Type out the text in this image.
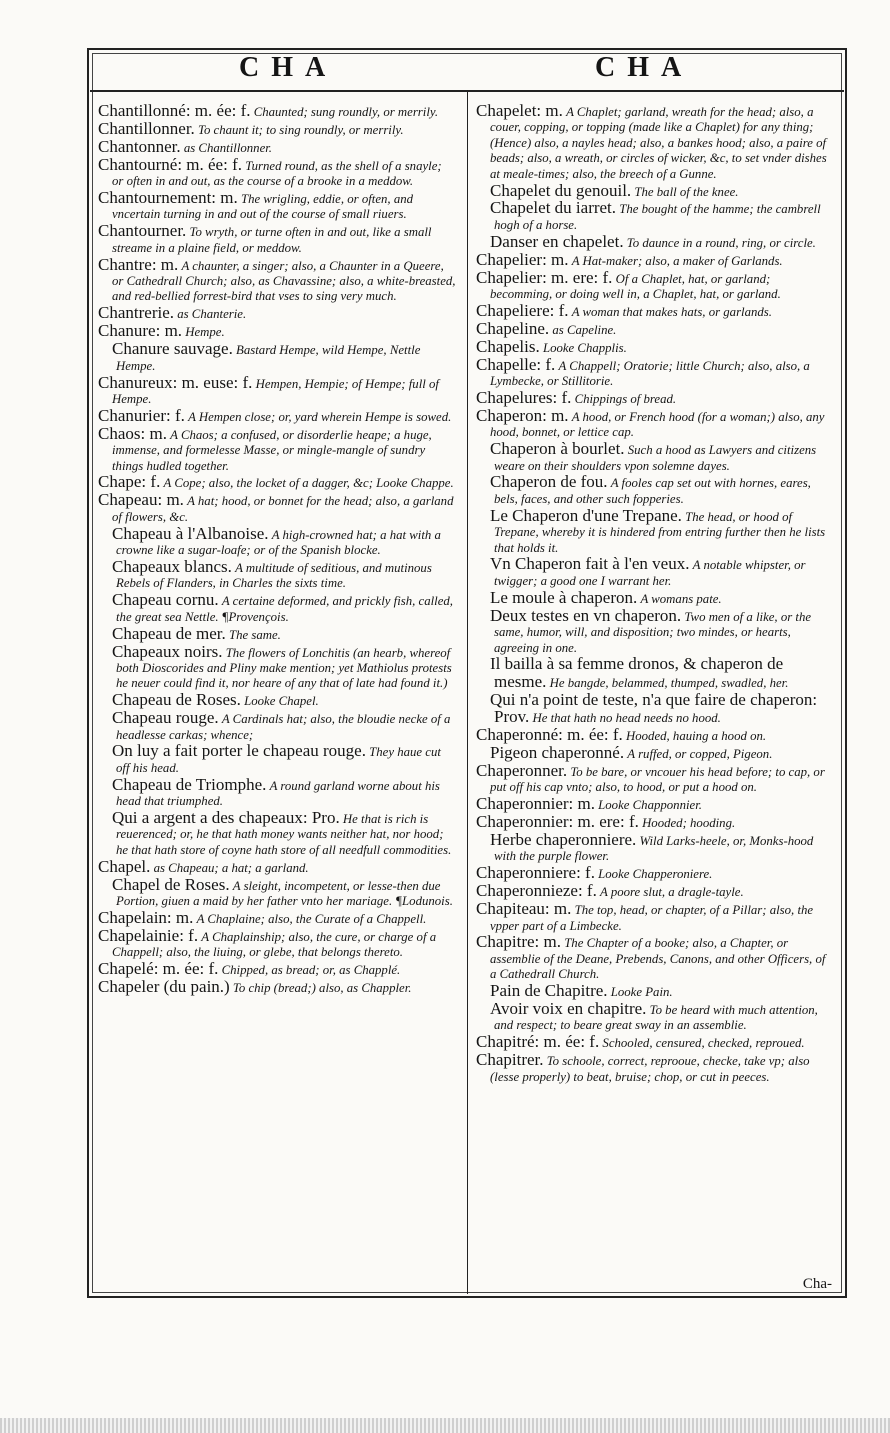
CHA	CHA

Chantillonné: m. ée: f. Chaunted; sung roundly, or merrily.

Chantillonner. To chaunt it; to sing roundly, or merrily.

Chantonner. as Chantillonner.

Chantourné: m. ée: f. Turned round, as the shell of a snayle; or often in and out, as the course of a brooke in a meddow.

Chantournement: m. The wrigling, eddie, or often, and vncertain turning in and out of the course of small riuers.

Chantourner. To wryth, or turne often in and out, like a small streame in a plaine field, or meddow.

Chantre: m. A chaunter, a singer; also, a Chaunter in a Queere, or Cathedrall Church; also, as Chavassine; also, a white-breasted, and red-bellied forrest-bird that vses to sing very much.

Chantrerie. as Chanterie.

Chanure: m. Hempe.

Chanure sauvage. Bastard Hempe, wild Hempe, Nettle Hempe.

Chanureux: m. euse: f. Hempen, Hempie; of Hempe; full of Hempe.

Chanurier: f. A Hempen close; or, yard wherein Hempe is sowed.

Chaos: m. A Chaos; a confused, or disorderlie heape; a huge, immense, and formelesse Masse, or mingle-mangle of sundry things hudled together.

Chape: f. A Cope; also, the locket of a dagger, &c; Looke Chappe.

Chapeau: m. A hat; hood, or bonnet for the head; also, a garland of flowers, &c.

Chapeau à l'Albanoise. A high-crowned hat; a hat with a crowne like a sugar-loafe; or of the Spanish blocke.

Chapeaux blancs. A multitude of seditious, and mutinous Rebels of Flanders, in Charles the sixts time.

Chapeau cornu. A certaine deformed, and prickly fish, called, the great sea Nettle. ¶Provençois.

Chapeau de mer. The same.

Chapeaux noirs. The flowers of Lonchitis (an hearb, whereof both Dioscorides and Pliny make mention; yet Mathiolus protests he neuer could find it, nor heare of any that of late had found it.)

Chapeau de Roses. Looke Chapel.

Chapeau rouge. A Cardinals hat; also, the bloudie necke of a headlesse carkas; whence;

On luy a fait porter le chapeau rouge. They haue cut off his head.

Chapeau de Triomphe. A round garland worne about his head that triumphed.

Qui a argent a des chapeaux: Pro. He that is rich is reuerenced; or, he that hath money wants neither hat, nor hood; he that hath store of coyne hath store of all needfull commodities.

Chapel. as Chapeau; a hat; a garland.

Chapel de Roses. A sleight, incompetent, or lesse-then due Portion, giuen a maid by her father vnto her mariage. ¶Lodunois.

Chapelain: m. A Chaplaine; also, the Curate of a Chappell.

Chapelainie: f. A Chaplainship; also, the cure, or charge of a Chappell; also, the liuing, or glebe, that belongs thereto.

Chapelé: m. ée: f. Chipped, as bread; or, as Chapplé.

Chapeler (du pain.) To chip (bread;) also, as Chappler.

Chapelet: m. A Chaplet; garland, wreath for the head; also, a couer, copping, or topping (made like a Chaplet) for any thing; (Hence) also, a nayles head; also, a bankes hood; also, a paire of beads; also, a wreath, or circles of wicker, &c, to set vnder dishes at meale-times; also, the breech of a Gunne.

Chapelet du genouil. The ball of the knee.

Chapelet du iarret. The bought of the hamme; the cambrell hogh of a horse.

Danser en chapelet. To daunce in a round, ring, or circle.

Chapelier: m. A Hat-maker; also, a maker of Garlands.

Chapelier: m. ere: f. Of a Chaplet, hat, or garland; becomming, or doing well in, a Chaplet, hat, or garland.

Chapeliere: f. A woman that makes hats, or garlands.

Chapeline. as Capeline.

Chapelis. Looke Chapplis.

Chapelle: f. A Chappell; Oratorie; little Church; also, also, a Lymbecke, or Stillitorie.

Chapelures: f. Chippings of bread.

Chaperon: m. A hood, or French hood (for a woman;) also, any hood, bonnet, or lettice cap.

Chaperon à bourlet. Such a hood as Lawyers and citizens weare on their shoulders vpon solemne dayes.

Chaperon de fou. A fooles cap set out with hornes, eares, bels, faces, and other such fopperies.

Le Chaperon d'une Trepane. The head, or hood of Trepane, whereby it is hindered from entring further then he lists that holds it.

Vn Chaperon fait à l'en veux. A notable whipster, or twigger; a good one I warrant her.

Le moule à chaperon. A womans pate.

Deux testes en vn chaperon. Two men of a like, or the same, humor, will, and disposition; two mindes, or hearts, agreeing in one.

Il bailla à sa femme dronos, & chaperon de mesme. He bangde, belammed, thumped, swadled, her.

Qui n'a point de teste, n'a que faire de chaperon: Prov. He that hath no head needs no hood.

Chaperonné: m. ée: f. Hooded, hauing a hood on.

Pigeon chaperonné. A ruffed, or copped, Pigeon.

Chaperonner. To be bare, or vncouer his head before; to cap, or put off his cap vnto; also, to hood, or put a hood on.

Chaperonnier: m. Looke Chapponnier.

Chaperonnier: m. ere: f. Hooded; hooding.

Herbe chaperonniere. Wild Larks-heele, or, Monks-hood with the purple flower.

Chaperonniere: f. Looke Chapperoniere.

Chaperonnieze: f. A poore slut, a dragle-tayle.

Chapiteau: m. The top, head, or chapter, of a Pillar; also, the vpper part of a Limbecke.

Chapitre: m. The Chapter of a booke; also, a Chapter, or assemblie of the Deane, Prebends, Canons, and other Officers, of a Cathedrall Church.

Pain de Chapitre. Looke Pain.

Avoir voix en chapitre. To be heard with much attention, and respect; to beare great sway in an assemblie.

Chapitré: m. ée: f. Schooled, censured, checked, reproued.

Chapitrer. To schoole, correct, reprooue, checke, take vp; also (lesse properly) to beat, bruise; chop, or cut in peeces.

Cha-
